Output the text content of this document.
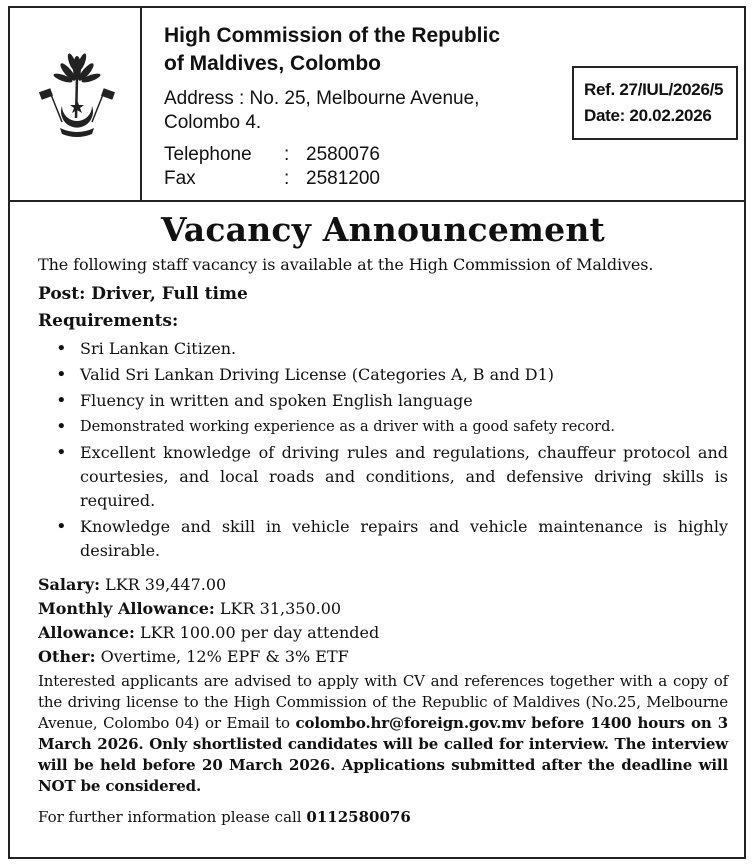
High Commission of the Republic
of Maldives, Colombo
Address : No. 25, Melbourne Avenue,
Colombo 4.
Telephone	: 2580076
Fax	: 2581200
Ref. 27/IUL/2026/5
Date: 20.02.2026
Vacancy Announcement
The following staff vacancy is available at the High Commission of Maldives.
Post: Driver, Full time
Requirements:
• Sri Lankan Citizen.
• Valid Sri Lankan Driving License (Categories A, B and D1)
• Fluency in written and spoken English language
• Demonstrated working experience as a driver with a good safety record.
• Excellent knowledge of driving rules and regulations, chauffeur protocol and courtesies, and local roads and conditions, and defensive driving skills is required.
• Knowledge and skill in vehicle repairs and vehicle maintenance is highly desirable.
Salary: LKR 39,447.00
Monthly Allowance: LKR 31,350.00
Allowance: LKR 100.00 per day attended
Other: Overtime, 12% EPF & 3% ETF
Interested applicants are advised to apply with CV and references together with a copy of the driving license to the High Commission of the Republic of Maldives (No.25, Melbourne Avenue, Colombo 04) or Email to colombo.hr@foreign.gov.mv before 1400 hours on 3 March 2026. Only shortlisted candidates will be called for interview. The interview will be held before 20 March 2026. Applications submitted after the deadline will NOT be considered.
For further information please call 0112580076
